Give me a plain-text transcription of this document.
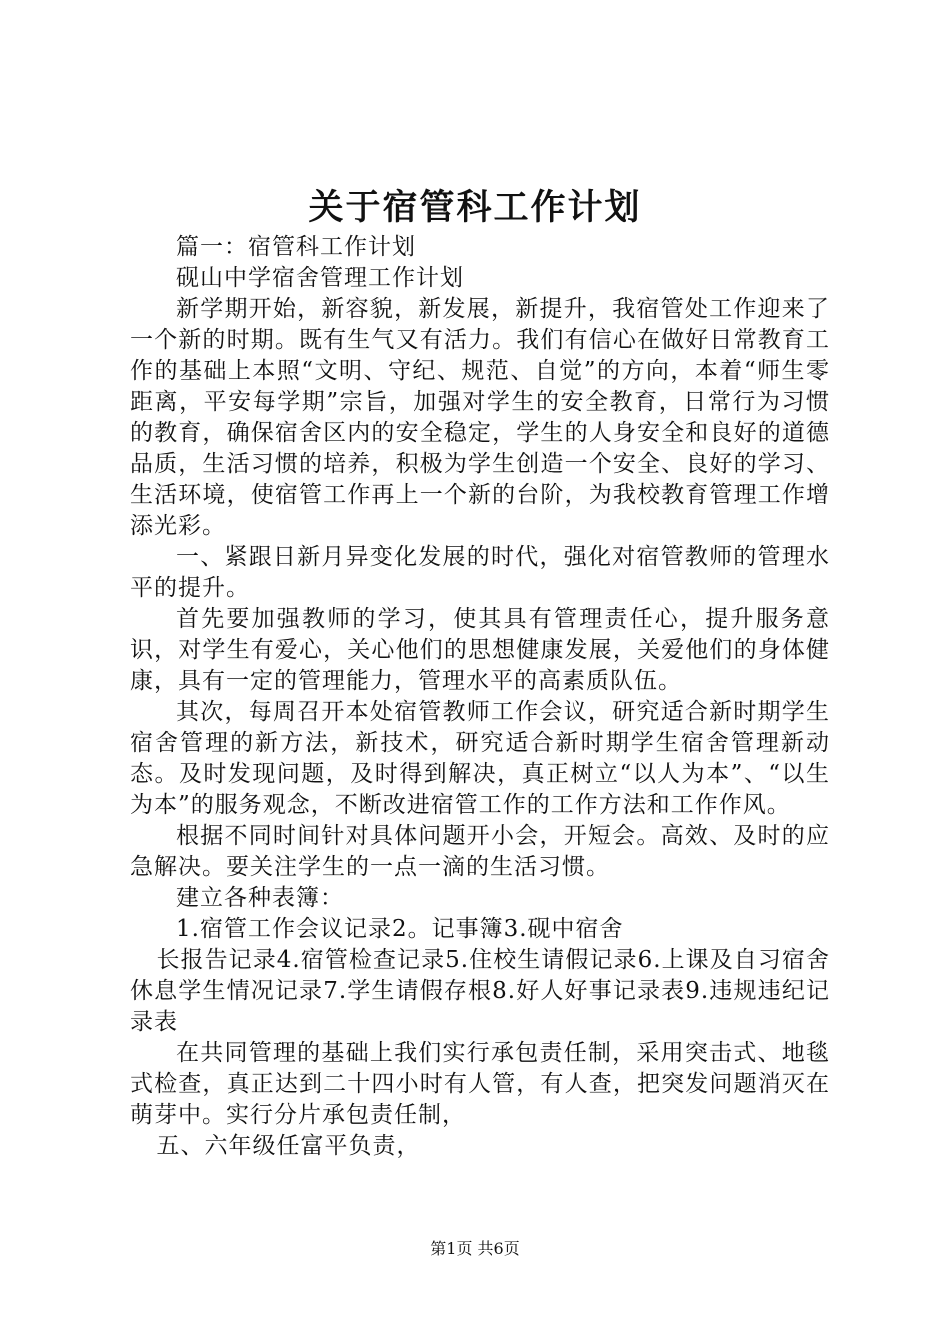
关于宿管科工作计划

篇一：宿管科工作计划

砚山中学宿舍管理工作计划

新学期开始，新容貌，新发展，新提升，我宿管处工作迎来了一个新的时期。既有生气又有活力。我们有信心在做好日常教育工作的基础上本照“文明、守纪、规范、自觉”的方向，本着“师生零距离，平安每学期”宗旨，加强对学生的安全教育，日常行为习惯的教育，确保宿舍区内的安全稳定，学生的人身安全和良好的道德品质，生活习惯的培养，积极为学生创造一个安全、良好的学习、生活环境，使宿管工作再上一个新的台阶，为我校教育管理工作增添光彩。

一、紧跟日新月异变化发展的时代，强化对宿管教师的管理水平的提升。

首先要加强教师的学习，使其具有管理责任心，提升服务意识，对学生有爱心，关心他们的思想健康发展，关爱他们的身体健康，具有一定的管理能力，管理水平的高素质队伍。

其次，每周召开本处宿管教师工作会议，研究适合新时期学生宿舍管理的新方法，新技术，研究适合新时期学生宿舍管理新动态。及时发现问题，及时得到解决，真正树立“以人为本”、“以生为本”的服务观念，不断改进宿管工作的工作方法和工作作风。

根据不同时间针对具体问题开小会，开短会。高效、及时的应急解决。要关注学生的一点一滴的生活习惯。

建立各种表簿：

1.宿管工作会议记录2。记事簿3.砚中宿舍

长报告记录4.宿管检查记录5.住校生请假记录6.上课及自习宿舍休息学生情况记录7.学生请假存根8.好人好事记录表9.违规违纪记录表

在共同管理的基础上我们实行承包责任制，采用突击式、地毯式检查，真正达到二十四小时有人管，有人查，把突发问题消灭在萌芽中。实行分片承包责任制，

五、六年级任富平负责，

第1页 共6页
